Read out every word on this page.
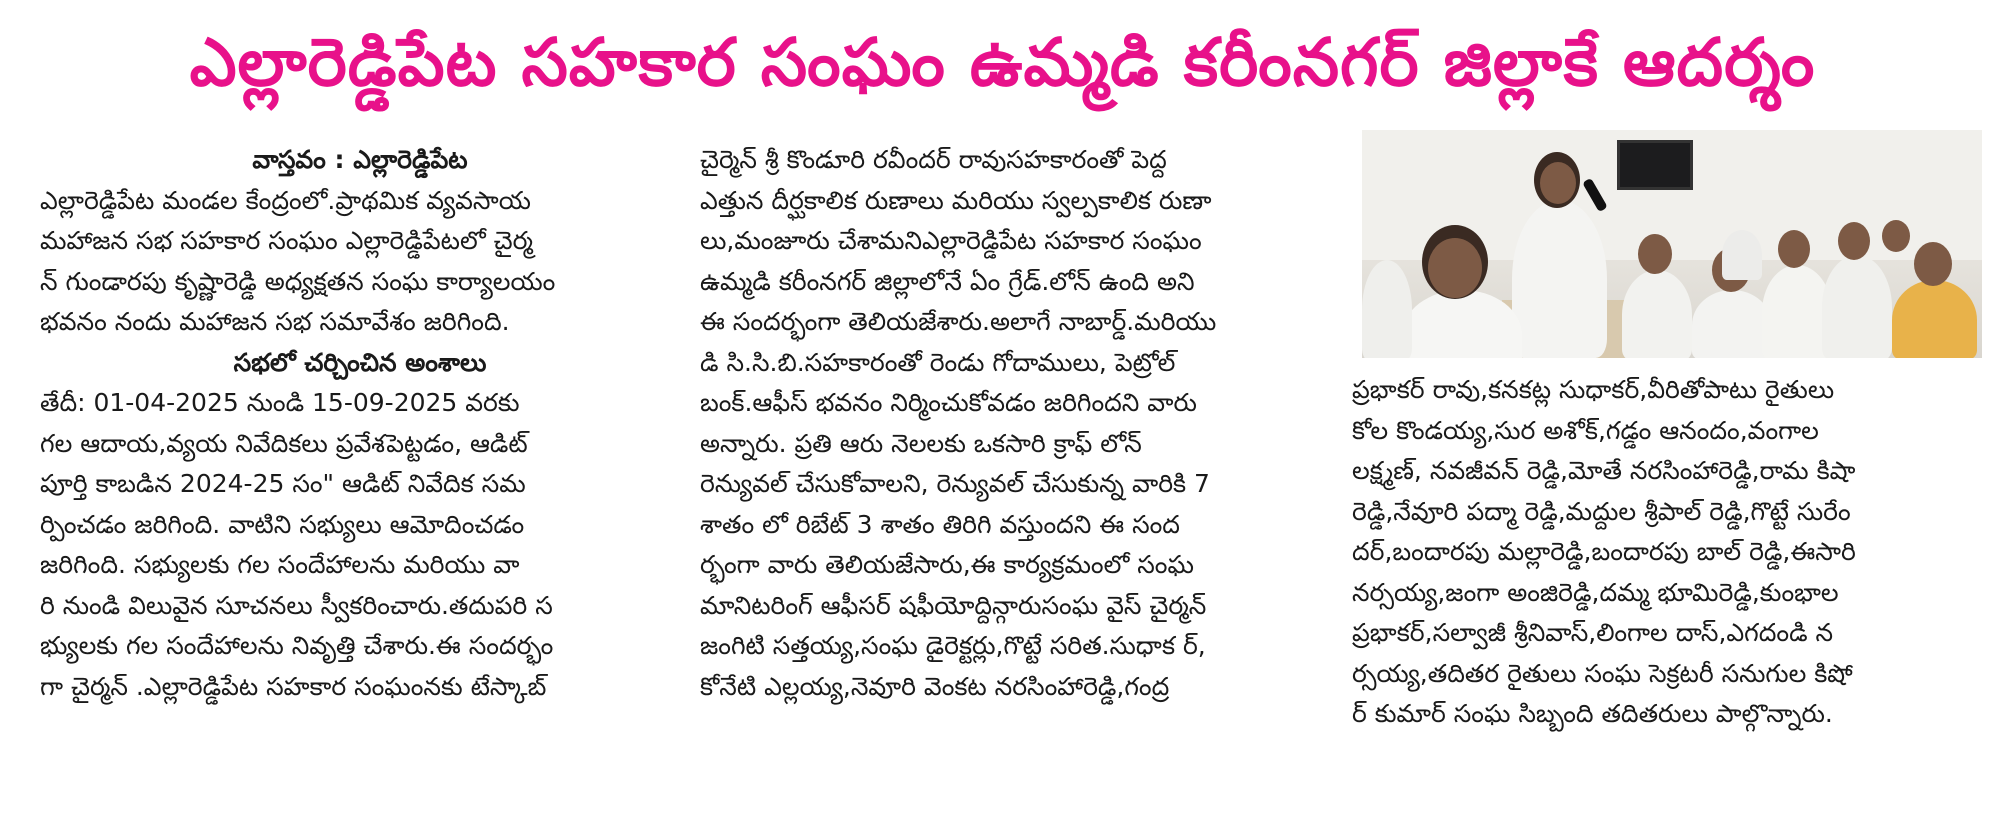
ఎల్లారెడ్డిపేట సహకార సంఘం ఉమ్మడి కరీంనగర్ జిల్లాకే ఆదర్శం
వాస్తవం : ఎల్లారెడ్డిపేట
ఎల్లారెడ్డిపేట మండల కేంద్రంలో.ప్రాథమిక వ్యవసాయ
మహాజన సభ సహకార సంఘం ఎల్లారెడ్డిపేటలో చైర్మ
న్ గుండారపు కృష్ణారెడ్డి అధ్యక్షతన సంఘ కార్యాలయం
భవనం నందు మహాజన సభ సమావేశం జరిగింది.
సభలో చర్చించిన అంశాలు
తేదీ: 01-04-2025 నుండి 15-09-2025 వరకు
గల ఆదాయ,వ్యయ నివేదికలు ప్రవేశపెట్టడం, ఆడిట్
పూర్తి కాబడిన 2024-25 సం" ఆడిట్ నివేదిక సమ
ర్పించడం జరిగింది. వాటిని సభ్యులు ఆమోదించడం
జరిగింది. సభ్యులకు గల సందేహాలను మరియు వా
రి నుండి విలువైన సూచనలు స్వీకరించారు.తదుపరి స
భ్యులకు గల సందేహాలను నివృత్తి చేశారు.ఈ సందర్భం
గా చైర్మన్ .ఎల్లారెడ్డిపేట సహకార సంఘంనకు టేస్కాబ్
చైర్మెన్ శ్రీ కొండూరి రవీందర్ రావుసహకారంతో పెద్ద
ఎత్తున దీర్ఘకాలిక రుణాలు మరియు స్వల్పకాలిక రుణా
లు,మంజూరు చేశామనిఎల్లారెడ్డిపేట సహకార సంఘం
ఉమ్మడి కరీంనగర్ జిల్లాలోనే ఏం గ్రేడ్.లోన్ ఉంది అని
ఈ సందర్భంగా తెలియజేశారు.అలాగే నాబార్డ్.మరియు
డి సి.సి.బి.సహకారంతో రెండు గోదాములు, పెట్రోల్
బంక్.ఆఫీస్ భవనం నిర్మించుకోవడం జరిగిందని వారు
అన్నారు. ప్రతి ఆరు నెలలకు ఒకసారి క్రాఫ్ లోన్
రెన్యువల్ చేసుకోవాలని, రెన్యువల్ చేసుకున్న వారికి 7
శాతం లో రిబేట్ 3 శాతం తిరిగి వస్తుందని ఈ సంద
ర్భంగా వారు తెలియజేసారు,ఈ కార్యక్రమంలో సంఘ
మానిటరింగ్ ఆఫీసర్ షఫీయోద్దిన్గారుసంఘ వైస్ చైర్మన్
జంగిటి సత్తయ్య,సంఘ డైరెక్టర్లు,గొట్టే సరిత.సుధాక ర్,
కోనేటి ఎల్లయ్య,నెవూరి వెంకట నరసింహారెడ్డి,గంద్ర
ప్రభాకర్ రావు,కనకట్ల సుధాకర్,వీరితోపాటు రైతులు
కోల కొండయ్య,సుర అశోక్,గడ్డం ఆనందం,వంగాల
లక్ష్మణ్, నవజీవన్ రెడ్డి,మోతే నరసింహారెడ్డి,రామ కిషా
రెడ్డి,నేవూరి పద్మా రెడ్డి,మద్దుల శ్రీపాల్ రెడ్డి,గొట్టే సురేం
దర్,బందారపు మల్లారెడ్డి,బందారపు బాల్ రెడ్డి,ఈసారి
నర్సయ్య,జంగా అంజిరెడ్డి,దమ్మ భూమిరెడ్డి,కుంభాల
ప్రభాకర్,సల్వాజీ శ్రీనివాస్,లింగాల దాస్,ఎగదండి న
ర్సయ్య,తదితర రైతులు సంఘ సెక్రటరీ సనుగుల కిషో
ర్ కుమార్ సంఘ సిబ్బంది తదితరులు పాల్గొన్నారు.
